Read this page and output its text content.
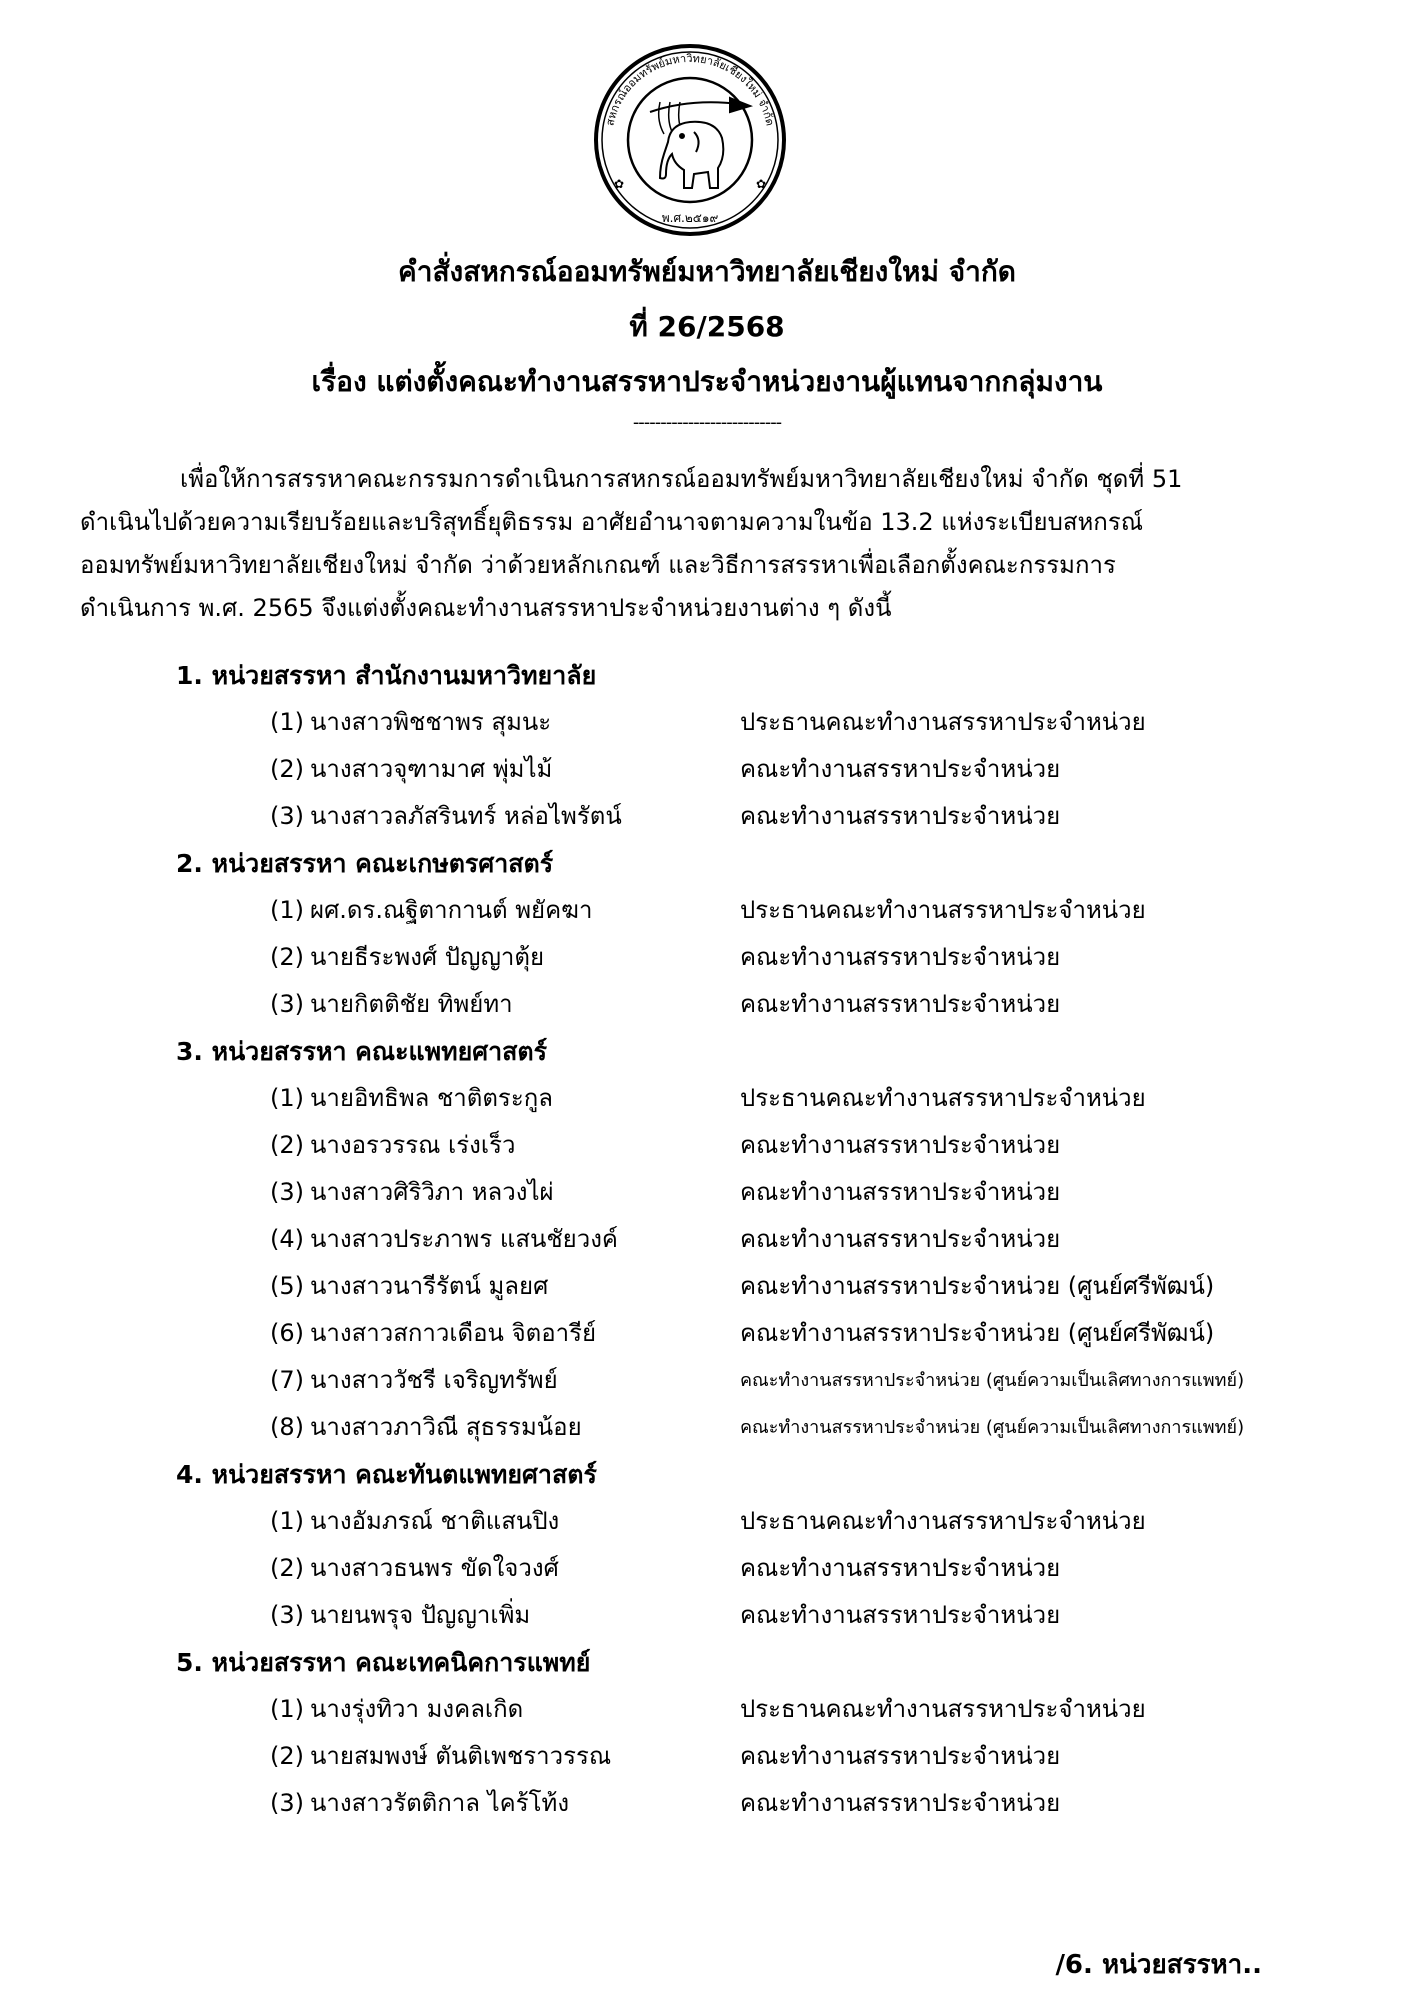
สหกรณ์ออมทรัพย์มหาวิทยาลัยเชียงใหม่ จำกัด
พ.ศ.๒๕๑๙
✿	✿
คำสั่งสหกรณ์ออมทรัพย์มหาวิทยาลัยเชียงใหม่ จำกัด
ที่ 26/2568
เรื่อง แต่งตั้งคณะทำงานสรรหาประจำหน่วยงานผู้แทนจากกลุ่มงาน
---------------------------
เพื่อให้การสรรหาคณะกรรมการดำเนินการสหกรณ์ออมทรัพย์มหาวิทยาลัยเชียงใหม่ จำกัด ชุดที่ 51
ดำเนินไปด้วยความเรียบร้อยและบริสุทธิ์ยุติธรรม อาศัยอำนาจตามความในข้อ 13.2 แห่งระเบียบสหกรณ์
ออมทรัพย์มหาวิทยาลัยเชียงใหม่ จำกัด ว่าด้วยหลักเกณฑ์ และวิธีการสรรหาเพื่อเลือกตั้งคณะกรรมการ
ดำเนินการ พ.ศ. 2565 จึงแต่งตั้งคณะทำงานสรรหาประจำหน่วยงานต่าง ๆ ดังนี้
1. หน่วยสรรหา สำนักงานมหาวิทยาลัย
(1) นางสาวพิชชาพร สุมนะ	ประธานคณะทำงานสรรหาประจำหน่วย
(2) นางสาวจุฑามาศ พุ่มไม้	คณะทำงานสรรหาประจำหน่วย
(3) นางสาวลภัสรินทร์ หล่อไพรัตน์	คณะทำงานสรรหาประจำหน่วย
2. หน่วยสรรหา คณะเกษตรศาสตร์
(1) ผศ.ดร.ณฐิตากานต์ พยัคฆา	ประธานคณะทำงานสรรหาประจำหน่วย
(2) นายธีระพงศ์ ปัญญาตุ้ย	คณะทำงานสรรหาประจำหน่วย
(3) นายกิตติชัย ทิพย์ทา	คณะทำงานสรรหาประจำหน่วย
3. หน่วยสรรหา คณะแพทยศาสตร์
(1) นายอิทธิพล ชาติตระกูล	ประธานคณะทำงานสรรหาประจำหน่วย
(2) นางอรวรรณ เร่งเร็ว	คณะทำงานสรรหาประจำหน่วย
(3) นางสาวศิริวิภา หลวงไผ่	คณะทำงานสรรหาประจำหน่วย
(4) นางสาวประภาพร แสนชัยวงค์	คณะทำงานสรรหาประจำหน่วย
(5) นางสาวนารีรัตน์ มูลยศ	คณะทำงานสรรหาประจำหน่วย (ศูนย์ศรีพัฒน์)
(6) นางสาวสกาวเดือน จิตอารีย์	คณะทำงานสรรหาประจำหน่วย (ศูนย์ศรีพัฒน์)
(7) นางสาววัชรี เจริญทรัพย์	คณะทำงานสรรหาประจำหน่วย (ศูนย์ความเป็นเลิศทางการแพทย์)
(8) นางสาวภาวิณี สุธรรมน้อย	คณะทำงานสรรหาประจำหน่วย (ศูนย์ความเป็นเลิศทางการแพทย์)
4. หน่วยสรรหา คณะทันตแพทยศาสตร์
(1) นางอัมภรณ์ ชาติแสนปิง	ประธานคณะทำงานสรรหาประจำหน่วย
(2) นางสาวธนพร ขัดใจวงศ์	คณะทำงานสรรหาประจำหน่วย
(3) นายนพรุจ ปัญญาเพิ่ม	คณะทำงานสรรหาประจำหน่วย
5. หน่วยสรรหา คณะเทคนิคการแพทย์
(1) นางรุ่งทิวา มงคลเกิด	ประธานคณะทำงานสรรหาประจำหน่วย
(2) นายสมพงษ์ ตันติเพชราวรรณ	คณะทำงานสรรหาประจำหน่วย
(3) นางสาวรัตติกาล ไคร้โท้ง	คณะทำงานสรรหาประจำหน่วย
/6. หน่วยสรรหา..
